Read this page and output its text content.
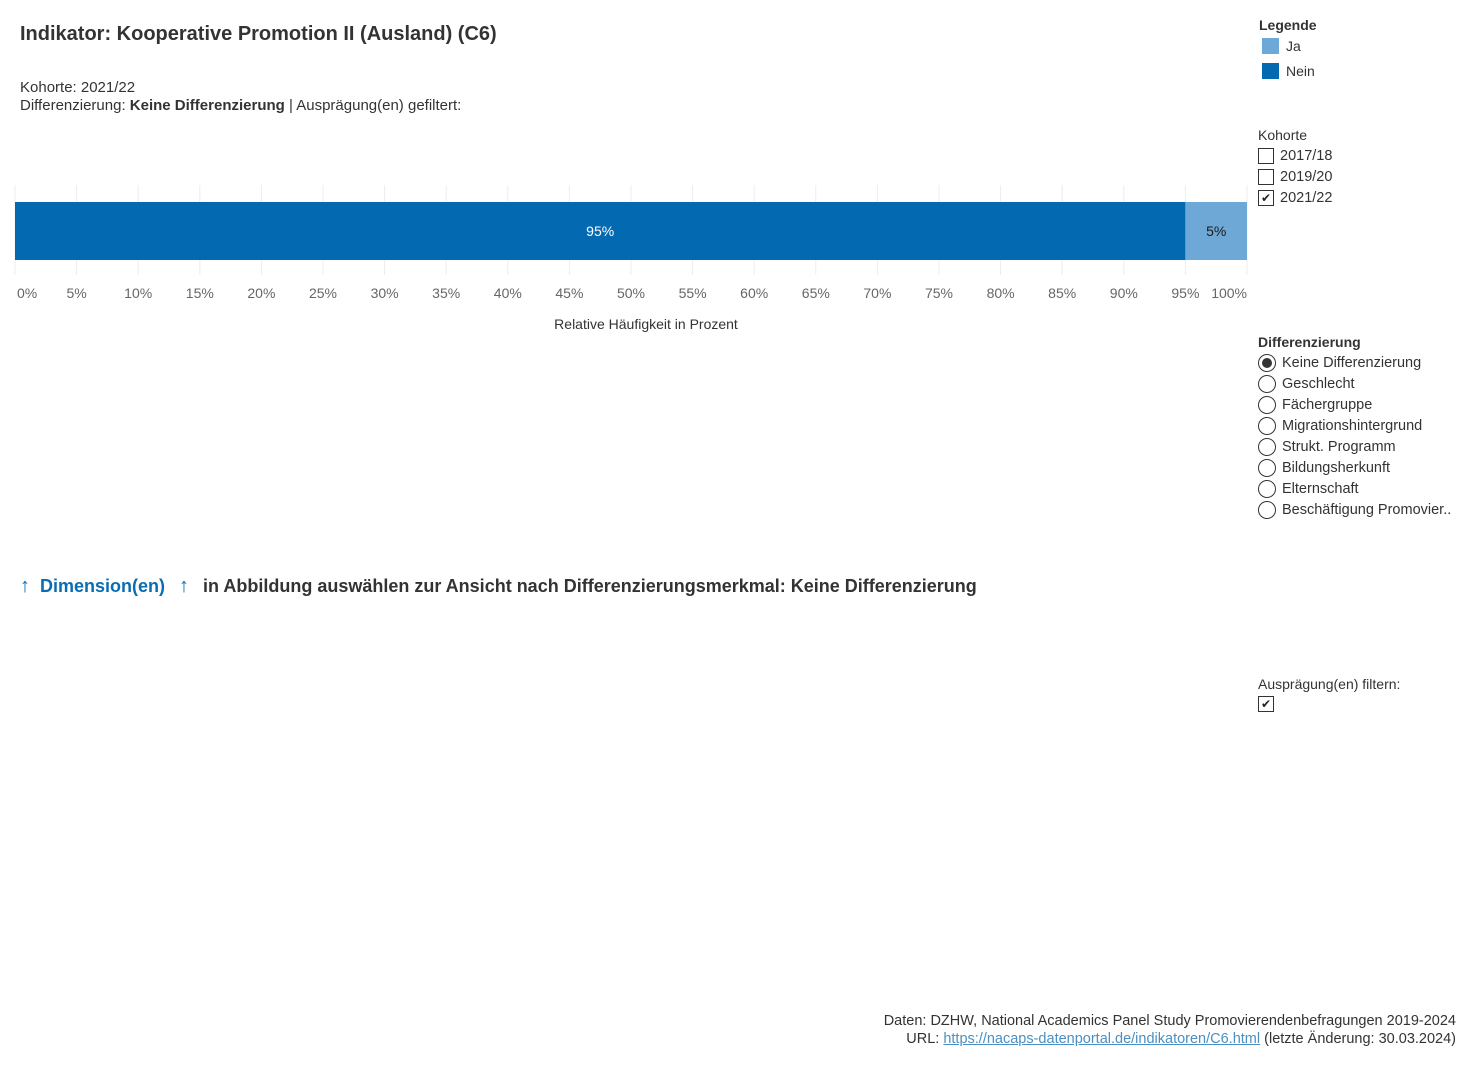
Indikator: Kooperative Promotion II (Ausland) (C6)
Kohorte: 2021/22
Differenzierung: Keine Differenzierung | Ausprägung(en) gefiltert:
95%	5%
0% 5%	10% 15% 20% 25% 30% 35% 40% 45% 50% 55% 60% 65% 70% 75% 80% 85% 90% 95% 100%
Relative Häufigkeit in Prozent
Legende
Ja
Nein
Kohorte
2017/18
2019/20
✔ 2021/22
Differenzierung
Keine Differenzierung
Geschlecht
Fächergruppe
Migrationshintergrund
Strukt. Programm
Bildungsherkunft
Elternschaft
Beschäftigung Promovier..
↑ Dimension(en) ↑ in Abbildung auswählen zur Ansicht nach Differenzierungsmerkmal: Keine Differenzierung
Ausprägung(en) filtern:
✔
Daten: DZHW, National Academics Panel Study Promovierendenbefragungen 2019-2024
URL: https://nacaps-datenportal.de/indikatoren/C6.html (letzte Änderung: 30.03.2024)
